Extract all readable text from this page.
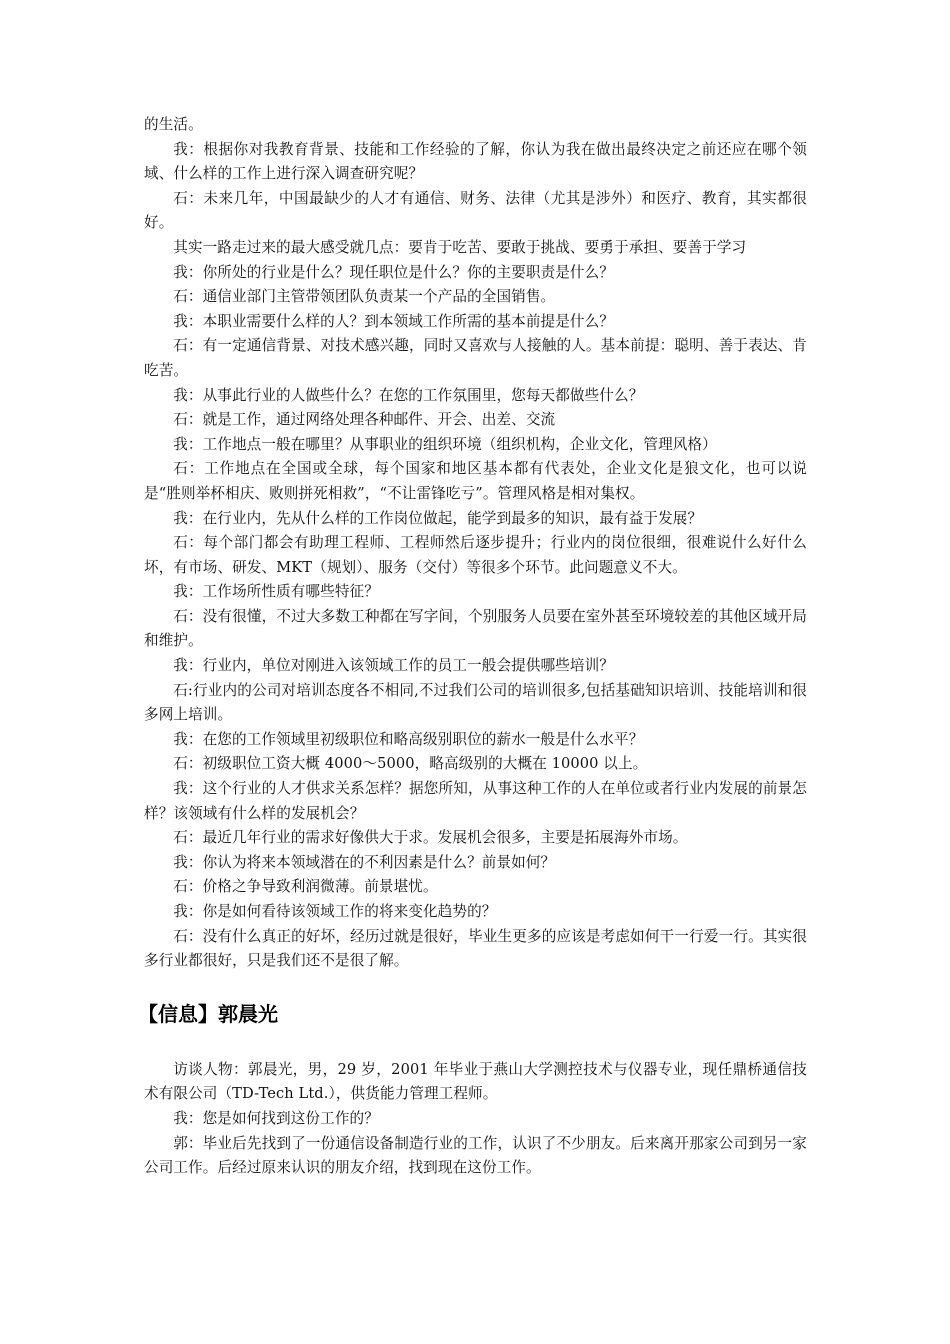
的生活。

我：根据你对我教育背景、技能和工作经验的了解，你认为我在做出最终决定之前还应在哪个领域、什么样的工作上进行深入调查研究呢？

石：未来几年，中国最缺少的人才有通信、财务、法律（尤其是涉外）和医疗、教育，其实都很好。

其实一路走过来的最大感受就几点：要肯于吃苦、要敢于挑战、要勇于承担、要善于学习

我：你所处的行业是什么？现任职位是什么？你的主要职责是什么？

石：通信业部门主管带领团队负责某一个产品的全国销售。

我：本职业需要什么样的人？到本领域工作所需的基本前提是什么？

石：有一定通信背景、对技术感兴趣，同时又喜欢与人接触的人。基本前提：聪明、善于表达、肯吃苦。

我：从事此行业的人做些什么？在您的工作氛围里，您每天都做些什么？

石：就是工作，通过网络处理各种邮件、开会、出差、交流

我：工作地点一般在哪里？从事职业的组织环境（组织机构，企业文化，管理风格）

石：工作地点在全国或全球，每个国家和地区基本都有代表处，企业文化是狼文化，也可以说是“胜则举杯相庆、败则拼死相救”，“不让雷锋吃亏”。管理风格是相对集权。

我：在行业内，先从什么样的工作岗位做起，能学到最多的知识，最有益于发展？

石：每个部门都会有助理工程师、工程师然后逐步提升；行业内的岗位很细，很难说什么好什么坏，有市场、研发、MKT（规划）、服务（交付）等很多个环节。此问题意义不大。

我：工作场所性质有哪些特征？

石：没有很懂，不过大多数工种都在写字间，个别服务人员要在室外甚至环境较差的其他区域开局和维护。

我：行业内，单位对刚进入该领域工作的员工一般会提供哪些培训？

石:行业内的公司对培训态度各不相同,不过我们公司的培训很多,包括基础知识培训、技能培训和很多网上培训。

我：在您的工作领域里初级职位和略高级别职位的薪水一般是什么水平？

石：初级职位工资大概 4000～5000，略高级别的大概在 10000 以上。

我：这个行业的人才供求关系怎样？据您所知，从事这种工作的人在单位或者行业内发展的前景怎样？该领域有什么样的发展机会？

石：最近几年行业的需求好像供大于求。发展机会很多，主要是拓展海外市场。

我：你认为将来本领域潜在的不利因素是什么？前景如何？

石：价格之争导致利润微薄。前景堪忧。

我：你是如何看待该领域工作的将来变化趋势的？

石：没有什么真正的好坏，经历过就是很好，毕业生更多的应该是考虑如何干一行爱一行。其实很多行业都很好，只是我们还不是很了解。

【信息】郭晨光

访谈人物：郭晨光，男，29 岁，2001 年毕业于燕山大学测控技术与仪器专业，现任鼎桥通信技术有限公司（TD-Tech Ltd.），供货能力管理工程师。

我：您是如何找到这份工作的？

郭：毕业后先找到了一份通信设备制造行业的工作，认识了不少朋友。后来离开那家公司到另一家公司工作。后经过原来认识的朋友介绍，找到现在这份工作。
